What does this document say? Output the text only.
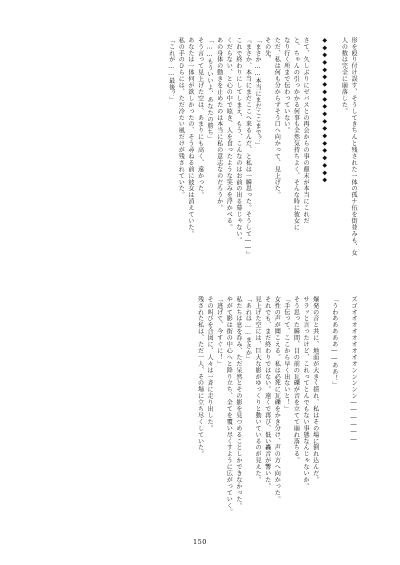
形を殴り付け誤す、そうしてきちんと残された一体の孤ナ伍を街並みも、女
人の数は完全に崩落した。

◆◆◆◆◆◆◆◆◆◆◆◆◆◆◆◆◆◆◆◆

さて、久しぶりにゼバスとの再会からの事の顛末が本当にこれだ
と、ちゃんの引っかかる何事も全然気持ちよく、そんな時に彼女に
なり行く所まで伝わっていない。
ただ、私は何も分からずそう口へ向かって、見上げた。
その先、
「まさか……本当にまだここまで？」
『まさか、本当にまだここへ来るんだ、と私は一瞬思った。そうして――』
これで終わりにしてしまえ、もう、こんなのはお前の出る幕じゃない。
くだらない、と心の中で呟き、人を食ったような笑みを浮かべる。
あの身体の動きを止めたのは本当に私の意志なのだろうか。
「……もういいよ、あなたの勝ち」
そう言って見上げた空は、あまりにも高く、遠かった。
あなたは一体何が欲しかったの、そう尋ねる前に彼女は消えていた。
私の手のひらには、ただ冷たい風だけが残されていた。
「これが……最後？」
ズゴオオオオオオオオオンンンンン――――――

「うわあああああ――ああ！」

爆発の音と共に、地面が大きく揺れ、私はその場に倒れ込んだ。
サラッと言ったけど、これってとんでもない事態なんじゃないか。
そう思った瞬間、目の前の瓦礫が音を立てて崩れ落ちる。
「手伝って、ここから早く出ないと！」
女性の声が聞こえる。私は必死に瓦礫をかき分け、声の方へ向かった。
それでも、まだ終わりではない。遠くで再び、低い轟音が響いた。
見上げた空には、巨大な影がゆっくりと動いているのが見えた。
「あれは……まさか」
私たちは息を呑み、ただ呆然とその影を見つめることしかできなかった。
やがて影は街の中心へと降り立ち、全てを覆い尽くすように広がっていく。
「逃げて、今すぐに！」
その叫びを合図に、人々は一斉に走り出した。
残された私は、ただ一人、その場に立ち尽くしていた。
150
